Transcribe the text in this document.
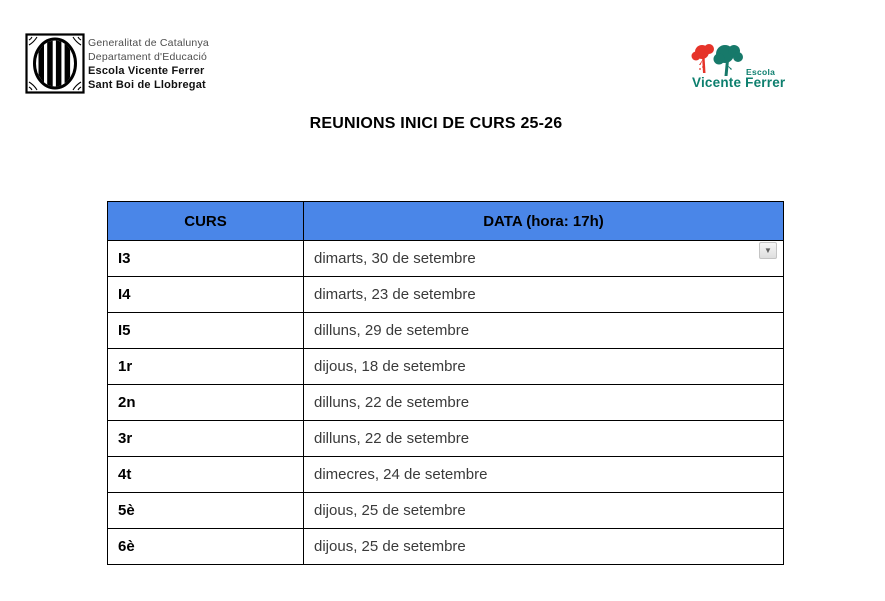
Generalitat de Catalunya
Departament d'Educació
Escola Vicente Ferrer
Sant Boi de Llobregat
Escola
Vicente Ferrer
REUNIONS INICI DE CURS 25-26
CURS	DATA (hora: 17h)
I3	dimarts, 30 de setembre
I4	dimarts, 23 de setembre
I5	dilluns, 29 de setembre
1r	dijous, 18 de setembre
2n	dilluns, 22 de setembre
3r	dilluns, 22 de setembre
4t	dimecres, 24 de setembre
5è	dijous, 25 de setembre
6è	dijous, 25 de setembre
▼
